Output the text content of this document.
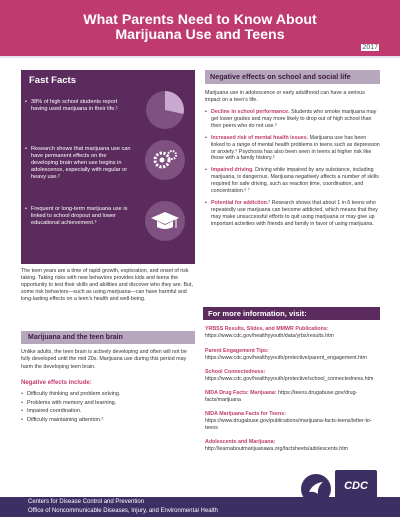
What Parents Need to Know About
Marijuana Use and Teens
2017
Fast Facts
• 38% of high school students report having used marijuana in their life.¹
• Research shows that marijuana use can have permanent effects on the developing brain when use begins in adolescence, especially with regular or heavy use.²
• Frequent or long-term marijuana use is linked to school dropout and lower educational achievement.³
The teen years are a time of rapid growth, exploration, and onset of risk taking. Taking risks with new behaviors provides kids and teens the opportunity to test their skills and abilities and discover who they are. But, some risk behaviors—such as using marijuana—can have harmful and long-lasting effects on a teen’s health and well-being.
Marijuana and the teen brain
Unlike adults, the teen brain is actively developing and often will not be fully developed until the mid 20s. Marijuana use during this period may harm the developing teen brain.
Negative effects include:
• Difficulty thinking and problem solving.
• Problems with memory and learning.
• Impaired coordination.
• Difficulty maintaining attention.²
Negative effects on school and social life
Marijuana use in adolescence or early adulthood can have a serious impact on a teen’s life.
• Decline in school performance. Students who smoke marijuana may get lower grades and may more likely to drop out of high school than their peers who do not use.³
• Increased risk of mental health issues. Marijuana use has been linked to a range of mental health problems in teens such as depression or anxiety.⁴ Psychosis has also been seen in teens at higher risk like those with a family history.⁵
• Impaired driving. Driving while impaired by any substance, including marijuana, is dangerous. Marijuana negatively affects a number of skills required for safe driving, such as reaction time, coordination, and concentration.⁶ ⁷
• Potential for addiction.² Research shows that about 1 in 6 teens who repeatedly use marijuana can become addicted, which means that they may make unsuccessful efforts to quit using marijuana or may give up important activities with friends and family in favor of using marijuana.
For more information, visit:
YRBSS Results, Slides, and MMWR Publications: https://www.cdc.gov/healthyyouth/data/yrbs/results.htm
Parent Engagement Tips: https://www.cdc.gov/healthyyouth/protective/parent_engagement.htm
School Connectedness: https://www.cdc.gov/healthyyouth/protective/school_connectedness.htm
NIDA Drug Facts: Marijuana: https://teens.drugabuse.gov/drug-facts/marijuana
NIDA Marijuana Facts for Teens: https://www.drugabuse.gov/publications/marijuana-facts-teens/letter-to-teens
Adolescents and Marijuana: http://learnaboutmarijuanawa.org/factsheets/adolescents.htm
CDC
Centers for Disease Control and Prevention
Office of Noncommunicable Diseases, Injury, and Environmental Health
